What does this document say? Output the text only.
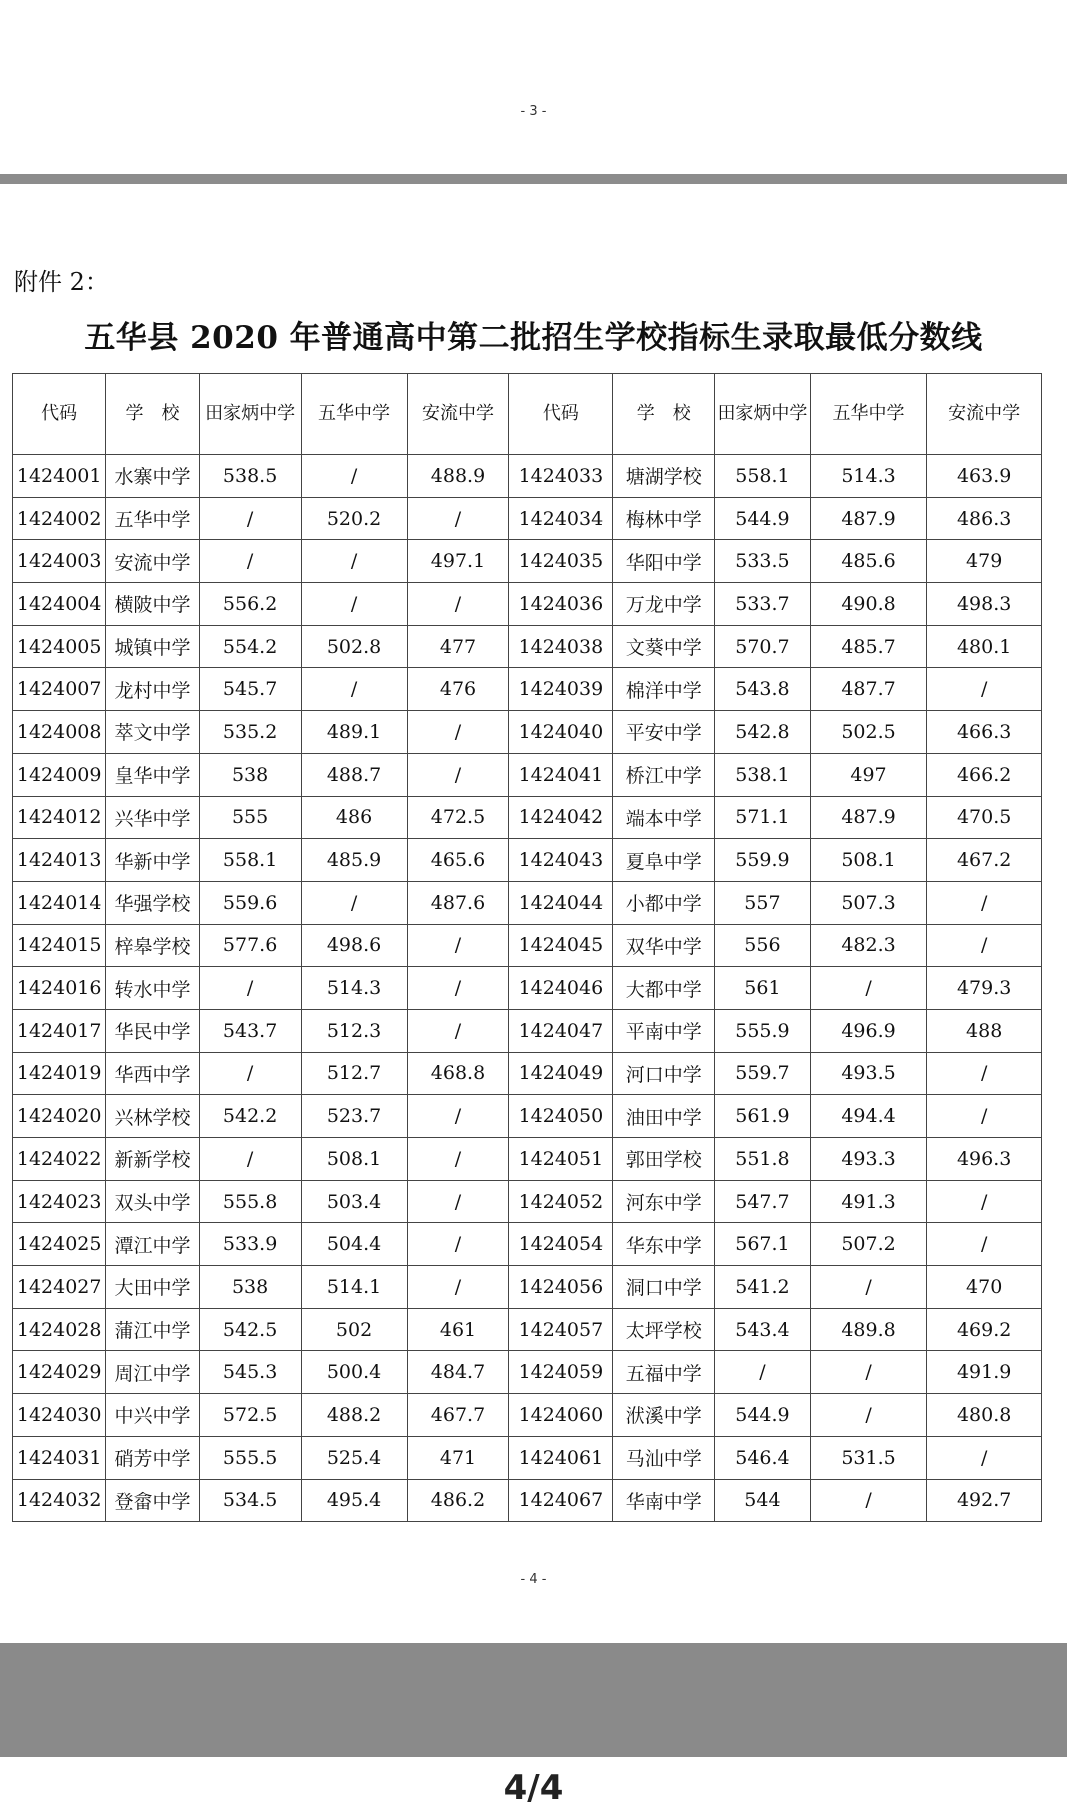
- 3 -
附件 2：
五华县 2020 年普通高中第二批招生学校指标生录取最低分数线
代码	学　校	田家炳中学	五华中学	安流中学	代码	学　校	田家炳中学	五华中学	安流中学
1424001	水寨中学	538.5	/	488.9	1424033	塘湖学校	558.1	514.3	463.9
1424002	五华中学	/	520.2	/	1424034	梅林中学	544.9	487.9	486.3
1424003	安流中学	/	/	497.1	1424035	华阳中学	533.5	485.6	479
1424004	横陂中学	556.2	/	/	1424036	万龙中学	533.7	490.8	498.3
1424005	城镇中学	554.2	502.8	477	1424038	文葵中学	570.7	485.7	480.1
1424007	龙村中学	545.7	/	476	1424039	棉洋中学	543.8	487.7	/
1424008	萃文中学	535.2	489.1	/	1424040	平安中学	542.8	502.5	466.3
1424009	皇华中学	538	488.7	/	1424041	桥江中学	538.1	497	466.2
1424012	兴华中学	555	486	472.5	1424042	端本中学	571.1	487.9	470.5
1424013	华新中学	558.1	485.9	465.6	1424043	夏阜中学	559.9	508.1	467.2
1424014	华强学校	559.6	/	487.6	1424044	小都中学	557	507.3	/
1424015	梓皋学校	577.6	498.6	/	1424045	双华中学	556	482.3	/
1424016	转水中学	/	514.3	/	1424046	大都中学	561	/	479.3
1424017	华民中学	543.7	512.3	/	1424047	平南中学	555.9	496.9	488
1424019	华西中学	/	512.7	468.8	1424049	河口中学	559.7	493.5	/
1424020	兴林学校	542.2	523.7	/	1424050	油田中学	561.9	494.4	/
1424022	新新学校	/	508.1	/	1424051	郭田学校	551.8	493.3	496.3
1424023	双头中学	555.8	503.4	/	1424052	河东中学	547.7	491.3	/
1424025	潭江中学	533.9	504.4	/	1424054	华东中学	567.1	507.2	/
1424027	大田中学	538	514.1	/	1424056	洞口中学	541.2	/	470
1424028	蒲江中学	542.5	502	461	1424057	太坪学校	543.4	489.8	469.2
1424029	周江中学	545.3	500.4	484.7	1424059	五福中学	/	/	491.9
1424030	中兴中学	572.5	488.2	467.7	1424060	洑溪中学	544.9	/	480.8
1424031	硝芳中学	555.5	525.4	471	1424061	马汕中学	546.4	531.5	/
1424032	登畲中学	534.5	495.4	486.2	1424067	华南中学	544	/	492.7
- 4 -
4/4
